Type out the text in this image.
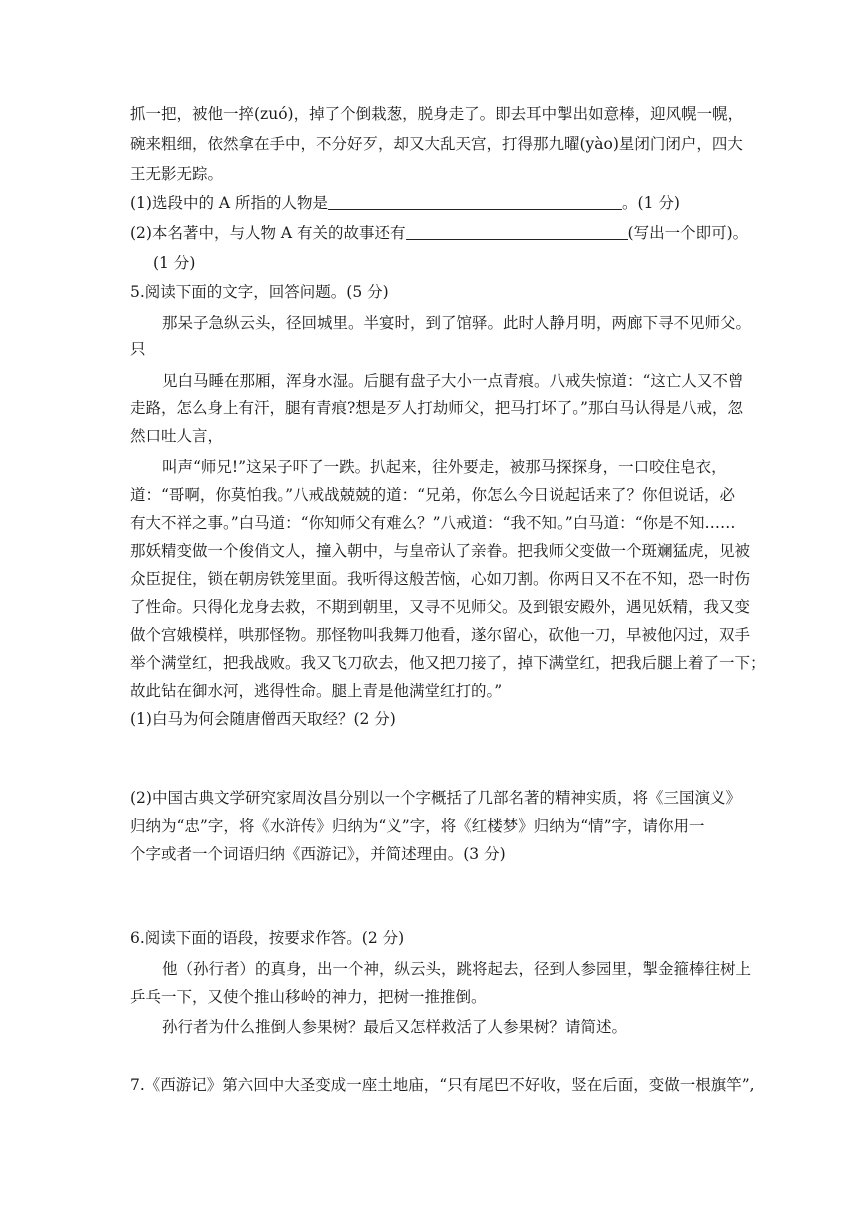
抓一把，被他一捽(zuó)，掉了个倒栽葱，脱身走了。即去耳中掣出如意棒，迎风幌一幌，
碗来粗细，依然拿在手中，不分好歹，却又大乱天宫，打得那九曜(yào)星闭门闭户，四大
王无影无踪。
(1)选段中的 A 所指的人物是	。(1 分)
(2)本名著中，与人物 A 有关的故事还有	(写出一个即可)。
(1 分)
5.阅读下面的文字，回答问题。(5 分)
那呆子急纵云头，径回城里。半宴时，到了馆驿。此时人静月明，两廊下寻不见师父。
只
见白马睡在那厢，浑身水湿。后腿有盘子大小一点青痕。八戒失惊道：“这亡人又不曾
走路，怎么身上有汗，腿有青痕?想是歹人打劫师父，把马打坏了。”那白马认得是八戒，忽
然口吐人言，
叫声“师兄!”这呆子吓了一跌。扒起来，往外要走，被那马探探身，一口咬住皂衣，
道：“哥啊，你莫怕我。”八戒战兢兢的道：“兄弟，你怎么今日说起话来了？你但说话，必
有大不祥之事。”白马道：“你知师父有难么？”八戒道：“我不知。”白马道：“你是不知……
那妖精变做一个俊俏文人，撞入朝中，与皇帝认了亲眷。把我师父变做一个斑斓猛虎，见被
众臣捉住，锁在朝房铁笼里面。我听得这般苦恼，心如刀割。你两日又不在不知，恐一时伤
了性命。只得化龙身去救，不期到朝里，又寻不见师父。及到银安殿外，遇见妖精，我又变
做个宫娥模样，哄那怪物。那怪物叫我舞刀他看，遂尔留心，砍他一刀，早被他闪过，双手
举个满堂红，把我战败。我又飞刀砍去，他又把刀接了，掉下满堂红，把我后腿上着了一下；
故此钻在御水河，逃得性命。腿上青是他满堂红打的。”
(1)白马为何会随唐僧西天取经？(2 分)
(2)中国古典文学研究家周汝昌分别以一个字概括了几部名著的精神实质，将《三国演义》
归纳为“忠”字，将《水浒传》归纳为“义”字，将《红楼梦》归纳为“情”字，请你用一
个字或者一个词语归纳《西游记》，并简述理由。(3 分)
6.阅读下面的语段，按要求作答。(2 分)
他（孙行者）的真身，出一个神，纵云头，跳将起去，径到人参园里，掣金箍棒往树上
乒乓一下，又使个推山移岭的神力，把树一推推倒。
孙行者为什么推倒人参果树？最后又怎样救活了人参果树？请简述。
7.《西游记》第六回中大圣变成一座土地庙，“只有尾巴不好收，竖在后面，变做一根旗竿”,
